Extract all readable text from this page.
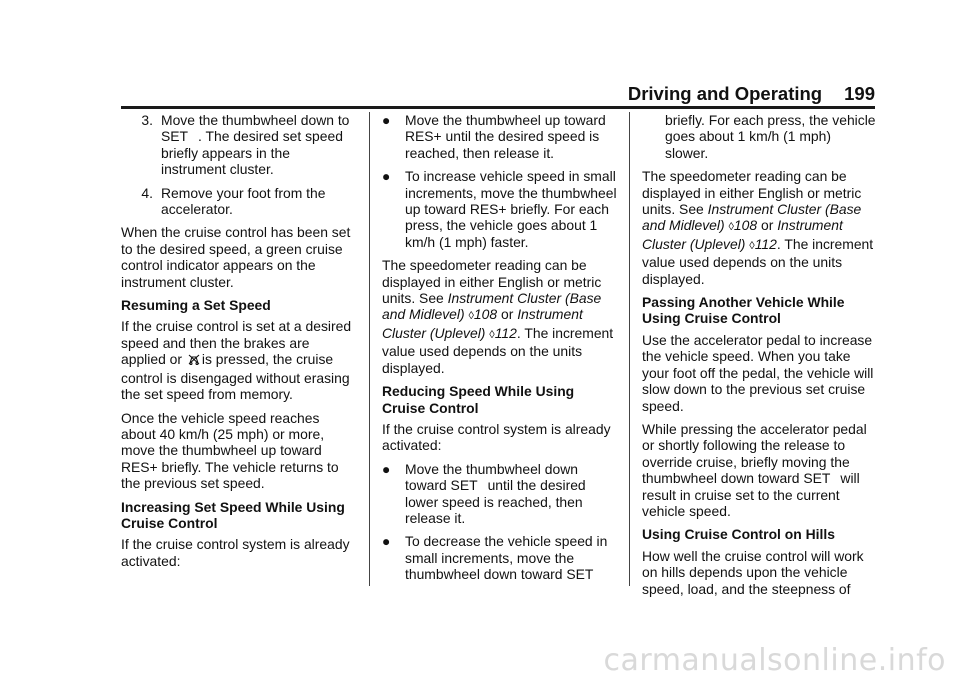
Driving and Operating 199
3. Move the thumbwheel down to SET . The desired set speed briefly appears in the instrument cluster.
4. Remove your foot from the accelerator.

When the cruise control has been set to the desired speed, a green cruise control indicator appears on the instrument cluster.

Resuming a Set Speed

If the cruise control is set at a desired speed and then the brakes are applied or is pressed, the cruise control is disengaged without erasing the set speed from memory.

Once the vehicle speed reaches about 40 km/h (25 mph) or more, move the thumbwheel up toward RES+ briefly. The vehicle returns to the previous set speed.

Increasing Set Speed While Using Cruise Control

If the cruise control system is already activated:

●	Move the thumbwheel up toward RES+ until the desired speed is reached, then release it.
●	To increase vehicle speed in small increments, move the thumbwheel up toward RES+ briefly. For each press, the vehicle goes about 1 km/h (1 mph) faster.

The speedometer reading can be displayed in either English or metric units. See Instrument Cluster (Base and Midlevel) ◊108 or Instrument Cluster (Uplevel) ◊112. The increment value used depends on the units displayed.

Reducing Speed While Using Cruise Control

If the cruise control system is already activated:

●	Move the thumbwheel down toward SET until the desired lower speed is reached, then release it.
●	To decrease the vehicle speed in small increments, move the thumbwheel down toward SET

briefly. For each press, the vehicle goes about 1 km/h (1 mph) slower.

The speedometer reading can be displayed in either English or metric units. See Instrument Cluster (Base and Midlevel) ◊108 or Instrument Cluster (Uplevel) ◊112. The increment value used depends on the units displayed.

Passing Another Vehicle While Using Cruise Control

Use the accelerator pedal to increase the vehicle speed. When you take your foot off the pedal, the vehicle will slow down to the previous set cruise speed.

While pressing the accelerator pedal or shortly following the release to override cruise, briefly moving the thumbwheel down toward SET will result in cruise set to the current vehicle speed.

Using Cruise Control on Hills

How well the cruise control will work on hills depends upon the vehicle speed, load, and the steepness of

carmanualsonline.info
